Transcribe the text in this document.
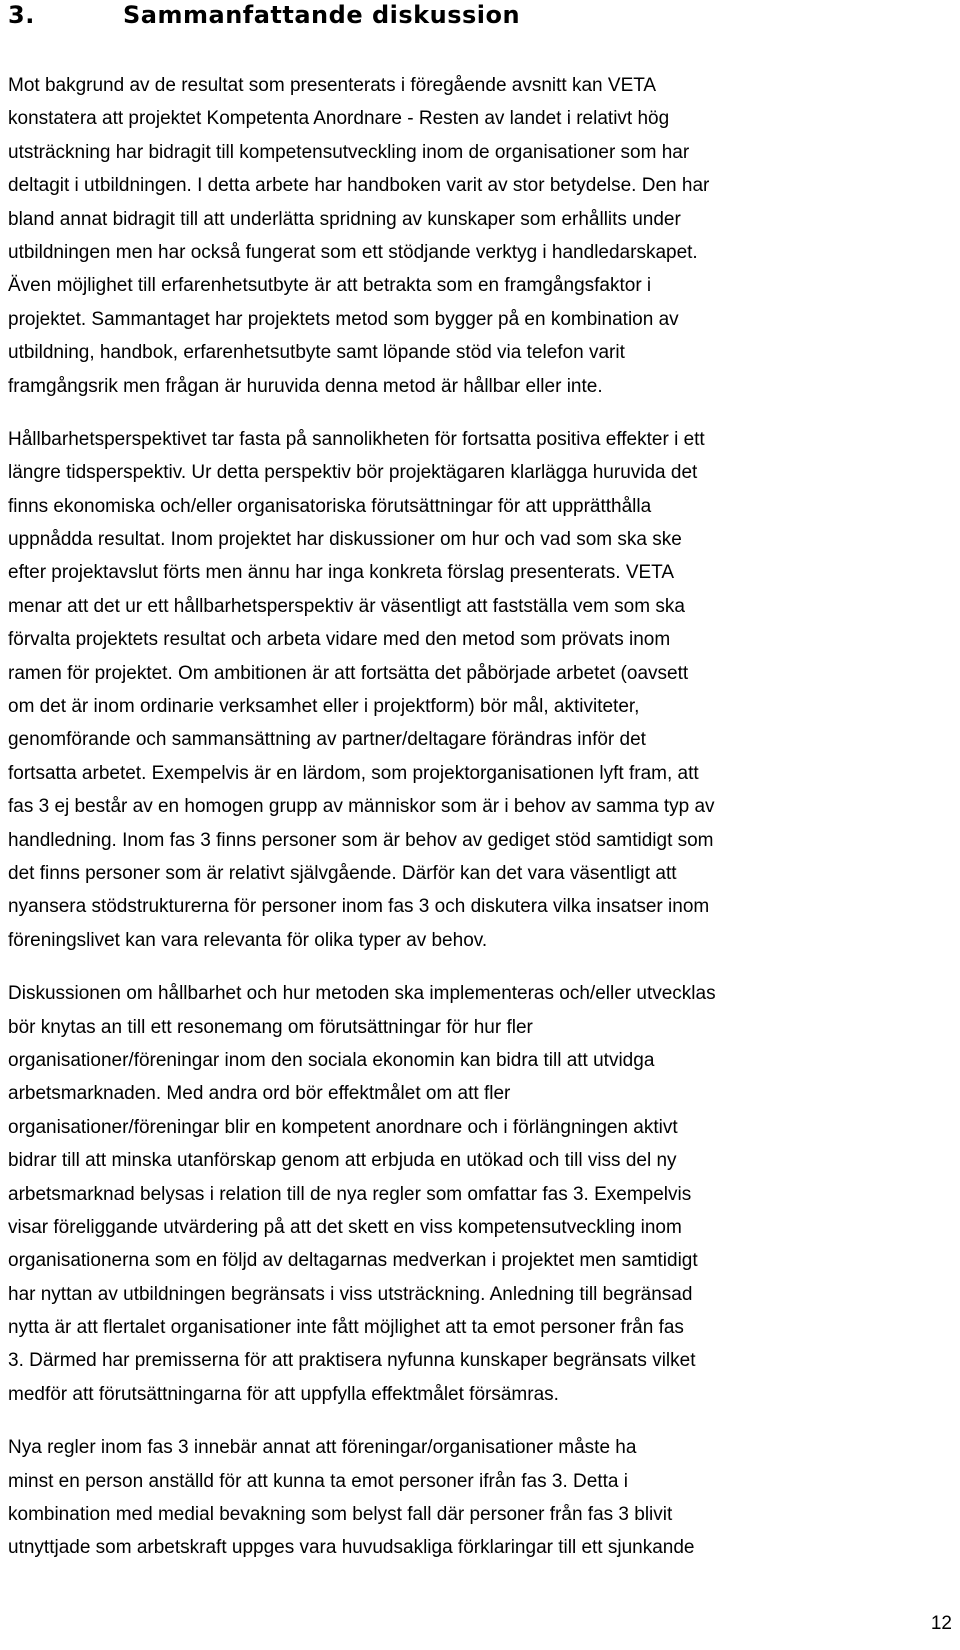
3.	Sammanfattande diskussion
Mot bakgrund av de resultat som presenterats i föregående avsnitt kan VETA
konstatera att projektet Kompetenta Anordnare - Resten av landet i relativt hög
utsträckning har bidragit till kompetensutveckling inom de organisationer som har
deltagit i utbildningen. I detta arbete har handboken varit av stor betydelse. Den har
bland annat bidragit till att underlätta spridning av kunskaper som erhållits under
utbildningen men har också fungerat som ett stödjande verktyg i handledarskapet.
Även möjlighet till erfarenhetsutbyte är att betrakta som en framgångsfaktor i
projektet. Sammantaget har projektets metod som bygger på en kombination av
utbildning, handbok, erfarenhetsutbyte samt löpande stöd via telefon varit
framgångsrik men frågan är huruvida denna metod är hållbar eller inte.
Hållbarhetsperspektivet tar fasta på sannolikheten för fortsatta positiva effekter i ett
längre tidsperspektiv. Ur detta perspektiv bör projektägaren klarlägga huruvida det
finns ekonomiska och/eller organisatoriska förutsättningar för att upprätthålla
uppnådda resultat. Inom projektet har diskussioner om hur och vad som ska ske
efter projektavslut förts men ännu har inga konkreta förslag presenterats. VETA
menar att det ur ett hållbarhetsperspektiv är väsentligt att fastställa vem som ska
förvalta projektets resultat och arbeta vidare med den metod som prövats inom
ramen för projektet. Om ambitionen är att fortsätta det påbörjade arbetet (oavsett
om det är inom ordinarie verksamhet eller i projektform) bör mål, aktiviteter,
genomförande och sammansättning av partner/deltagare förändras inför det
fortsatta arbetet. Exempelvis är en lärdom, som projektorganisationen lyft fram, att
fas 3 ej består av en homogen grupp av människor som är i behov av samma typ av
handledning. Inom fas 3 finns personer som är behov av gediget stöd samtidigt som
det finns personer som är relativt självgående. Därför kan det vara väsentligt att
nyansera stödstrukturerna för personer inom fas 3 och diskutera vilka insatser inom
föreningslivet kan vara relevanta för olika typer av behov.
Diskussionen om hållbarhet och hur metoden ska implementeras och/eller utvecklas
bör knytas an till ett resonemang om förutsättningar för hur fler
organisationer/föreningar inom den sociala ekonomin kan bidra till att utvidga
arbetsmarknaden. Med andra ord bör effektmålet om att fler
organisationer/föreningar blir en kompetent anordnare och i förlängningen aktivt
bidrar till att minska utanförskap genom att erbjuda en utökad och till viss del ny
arbetsmarknad belysas i relation till de nya regler som omfattar fas 3. Exempelvis
visar föreliggande utvärdering på att det skett en viss kompetensutveckling inom
organisationerna som en följd av deltagarnas medverkan i projektet men samtidigt
har nyttan av utbildningen begränsats i viss utsträckning. Anledning till begränsad
nytta är att flertalet organisationer inte fått möjlighet att ta emot personer från fas
3. Därmed har premisserna för att praktisera nyfunna kunskaper begränsats vilket
medför att förutsättningarna för att uppfylla effektmålet försämras.
Nya regler inom fas 3 innebär annat att föreningar/organisationer måste ha
minst en person anställd för att kunna ta emot personer ifrån fas 3. Detta i
kombination med medial bevakning som belyst fall där personer från fas 3 blivit
utnyttjade som arbetskraft uppges vara huvudsakliga förklaringar till ett sjunkande
12
